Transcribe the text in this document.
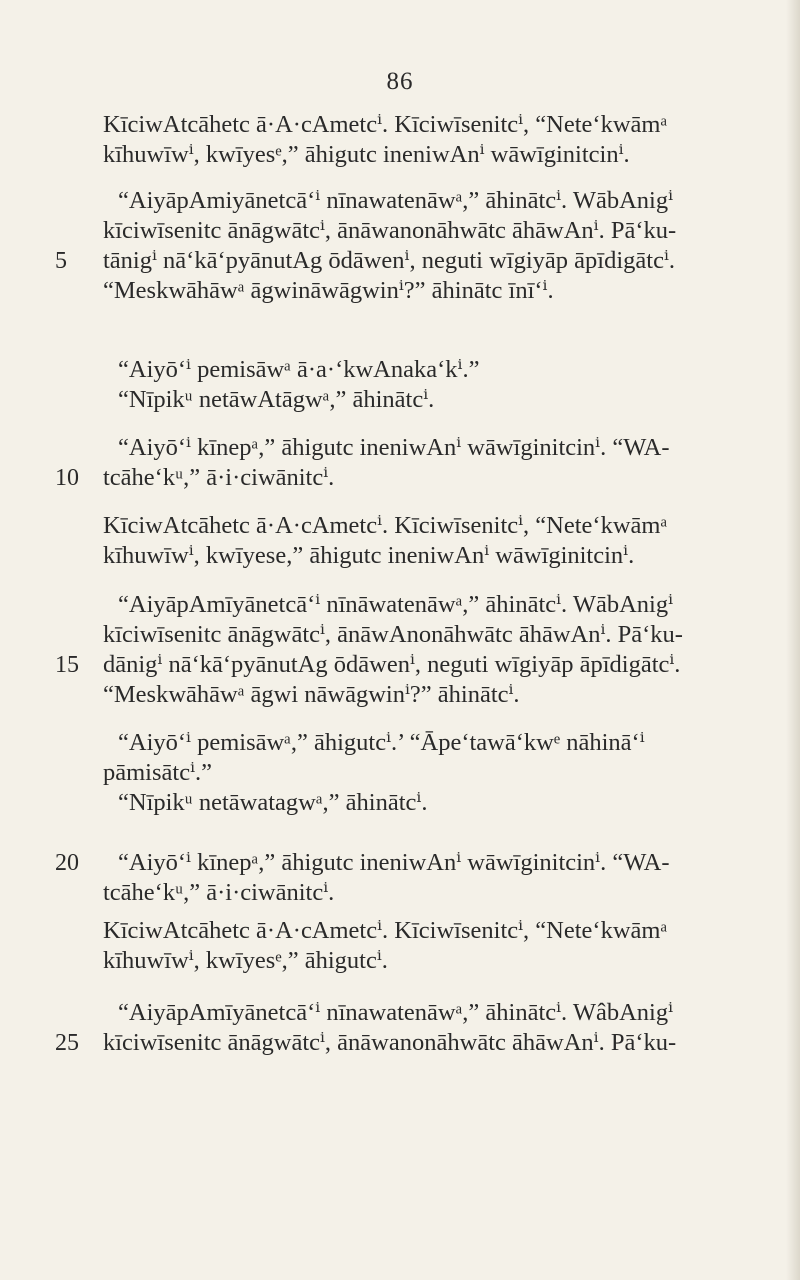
86
KīciwAtcāhetc ā·A·cAmetcⁱ. Kīciwīsenitcⁱ, “Nete‘kwāmᵃ
kīhuwīwⁱ, kwīyesᵉ,” āhigutc ineniwAnⁱ wāwīginitcinⁱ.
“AiyāpAmiyānetcā‘ⁱ nīnawatenāwᵃ,” āhinātcⁱ. WābAnigⁱ
kīciwīsenitc ānāgwātcⁱ, ānāwanonāhwātc āhāwAnⁱ. Pā‘ku-
5	tānigⁱ nā‘kā‘pyānutAg ōdāwenⁱ, neguti wīgiyāp āpīdigātcⁱ.
“Meskwāhāwᵃ āgwināwāgwinⁱ?” āhinātc īnī‘ⁱ.
“Aiyō‘ⁱ pemisāwᵃ ā·a·‘kwAnaka‘kⁱ.”
“Nīpikᵘ netāwAtāgwᵃ,” āhinātcⁱ.
“Aiyō‘ⁱ kīnepᵃ,” āhigutc ineniwAnⁱ wāwīginitcinⁱ. “WA-
10 tcāhe‘kᵘ,” ā·i·ciwānitcⁱ.
KīciwAtcāhetc ā·A·cAmetcⁱ. Kīciwīsenitcⁱ, “Nete‘kwāmᵃ
kīhuwīwⁱ, kwīyese,” āhigutc ineniwAnⁱ wāwīginitcinⁱ.
“AiyāpAmīyānetcā‘ⁱ nīnāwatenāwᵃ,” āhinātcⁱ. WābAnigⁱ
kīciwīsenitc ānāgwātcⁱ, ānāwAnonāhwātc āhāwAnⁱ. Pā‘ku-
15 dānigⁱ nā‘kā‘pyānutAg ōdāwenⁱ, neguti wīgiyāp āpīdigātcⁱ.
“Meskwāhāwᵃ āgwi nāwāgwinⁱ?” āhinātcⁱ.
“Aiyō‘ⁱ pemisāwᵃ,” āhigutcⁱ.’ “Āpe‘tawā‘kwᵉ nāhinā‘ⁱ
pāmisātcⁱ.”
“Nīpikᵘ netāwatagwᵃ,” āhinātcⁱ.
20	“Aiyō‘ⁱ kīnepᵃ,” āhigutc ineniwAnⁱ wāwīginitcinⁱ. “WA-
tcāhe‘kᵘ,” ā·i·ciwānitcⁱ.
KīciwAtcāhetc ā·A·cAmetcⁱ. Kīciwīsenitcⁱ, “Nete‘kwāmᵃ
kīhuwīwⁱ, kwīyesᵉ,” āhigutcⁱ.
“AiyāpAmīyānetcā‘ⁱ nīnawatenāwᵃ,” āhinātcⁱ. WâbAnigⁱ
25 kīciwīsenitc ānāgwātcⁱ, ānāwanonāhwātc āhāwAnⁱ. Pā‘ku-
